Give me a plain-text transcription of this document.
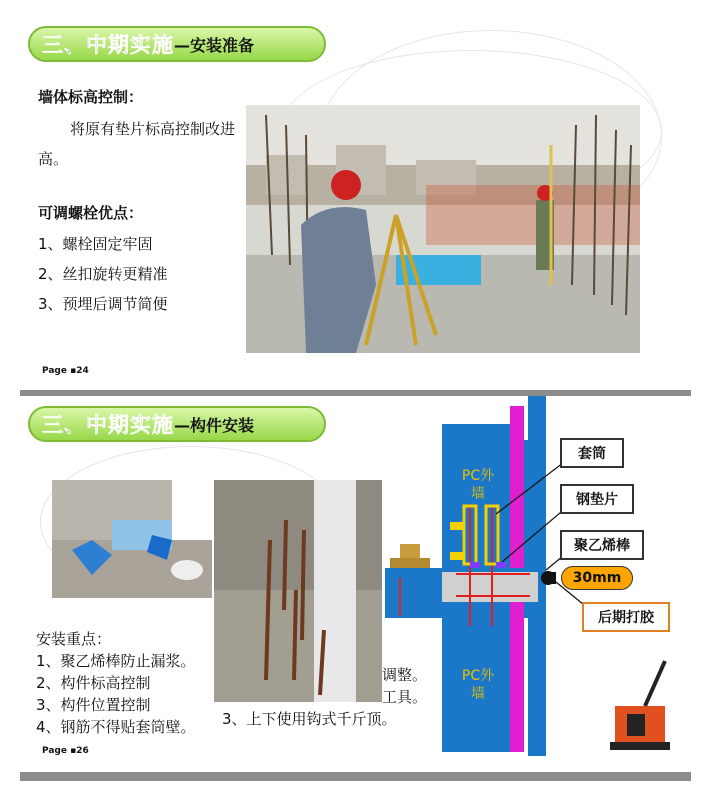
三、中期实施 —安装准备
墙体标高控制：
将原有垫片标高控制改进
高。
可调螺栓优点：
1、螺栓固定牢固
2、丝扣旋转更精准
3、预埋后调节简便
Page ▪24
三、中期实施 —构件安装
安装重点：
1、聚乙烯棒防止漏浆。
2、构件标高控制
3、构件位置控制
4、钢筋不得贴套筒壁。
调整。
工具。
3、上下使用钩式千斤顶。
PC外
墙
PC外
墙
套筒
钢垫片
聚乙烯棒
30mm
后期打胶
Page ▪26
